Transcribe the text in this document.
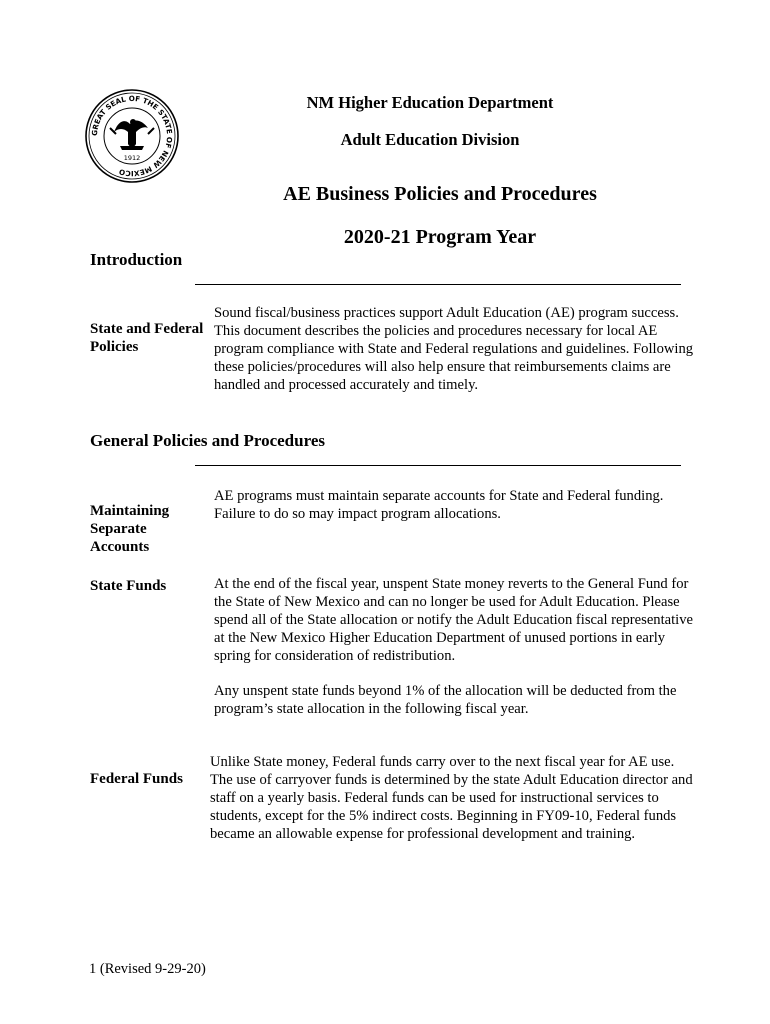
GREAT SEAL OF THE STATE OF NEW MEXICO
1912
NM Higher Education Department
Adult Education Division
AE Business Policies and Procedures
2020-21 Program Year
Introduction
State and Federal Policies
Sound fiscal/business practices support Adult Education (AE) program success. This document describes the policies and procedures necessary for local AE program compliance with State and Federal regulations and guidelines. Following these policies/procedures will also help ensure that reimbursements claims are handled and processed accurately and timely.
General Policies and Procedures
Maintaining Separate Accounts
AE programs must maintain separate accounts for State and Federal funding. Failure to do so may impact program allocations.
State Funds	At the end of the fiscal year, unspent State money reverts to the General Fund for the State of New Mexico and can no longer be used for Adult Education. Please spend all of the State allocation or notify the Adult Education fiscal representative at the New Mexico Higher Education Department of unused portions in early spring for consideration of redistribution.
Any unspent state funds beyond 1% of the allocation will be deducted from the program’s state allocation in the following fiscal year.
Federal Funds
Unlike State money, Federal funds carry over to the next fiscal year for AE use. The use of carryover funds is determined by the state Adult Education director and staff on a yearly basis. Federal funds can be used for instructional services to students, except for the 5% indirect costs. Beginning in FY09-10, Federal funds became an allowable expense for professional development and training.
1 (Revised 9-29-20)
